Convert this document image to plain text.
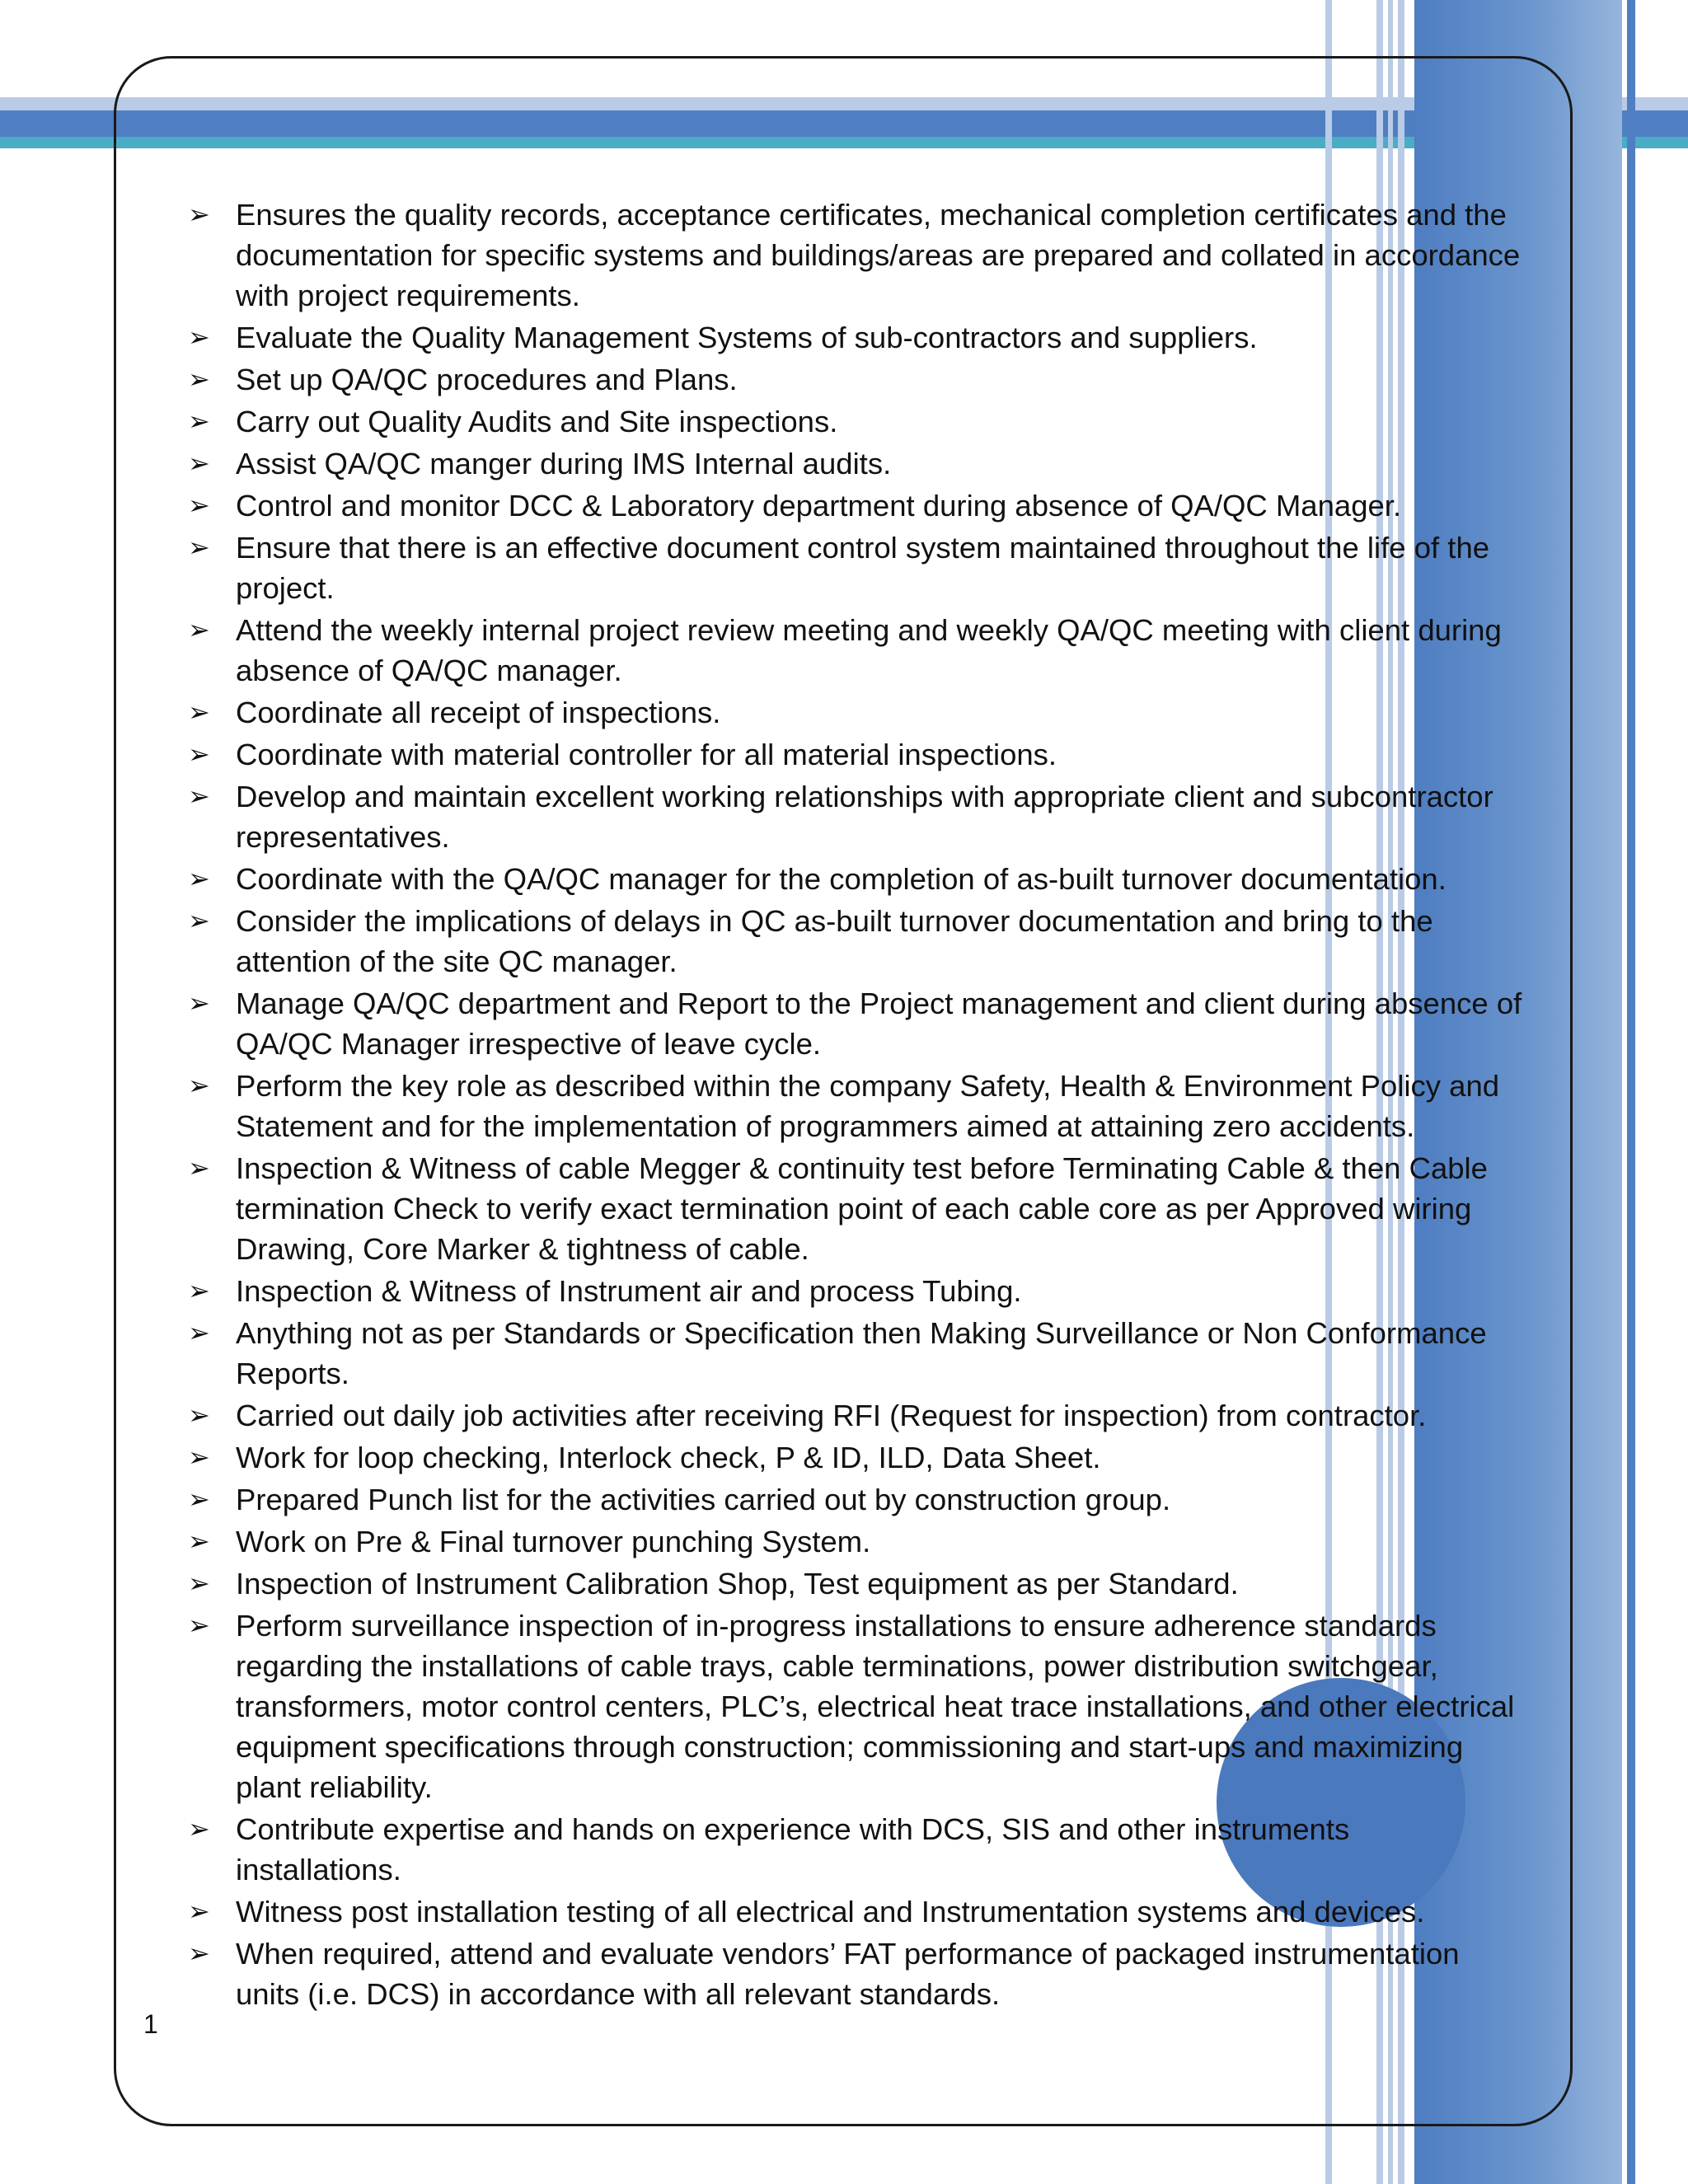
➢ Ensures the quality records, acceptance certificates, mechanical completion certificates and the documentation for specific systems and buildings/areas are prepared and collated in accordance with project requirements.
➢ Evaluate the Quality Management Systems of sub-contractors and suppliers.
➢ Set up QA/QC procedures and Plans.
➢ Carry out Quality Audits and Site inspections.
➢ Assist QA/QC manger during IMS Internal audits.
➢ Control and monitor DCC & Laboratory department during absence of QA/QC Manager.
➢ Ensure that there is an effective document control system maintained throughout the life of the project.
➢ Attend the weekly internal project review meeting and weekly QA/QC meeting with client during absence of QA/QC manager.
➢ Coordinate all receipt of inspections.
➢ Coordinate with material controller for all material inspections.
➢ Develop and maintain excellent working relationships with appropriate client and subcontractor representatives.
➢ Coordinate with the QA/QC manager for the completion of as-built turnover documentation.
➢ Consider the implications of delays in QC as-built turnover documentation and bring to the attention of the site QC manager.
➢ Manage QA/QC department and Report to the Project management and client during absence of QA/QC Manager irrespective of leave cycle.
➢ Perform the key role as described within the company Safety, Health & Environment Policy and Statement and for the implementation of programmers aimed at attaining zero accidents.
➢ Inspection & Witness of cable Megger & continuity test before Terminating Cable & then Cable termination Check to verify exact termination point of each cable core as per Approved wiring Drawing, Core Marker & tightness of cable.
➢ Inspection & Witness of Instrument air and process Tubing.
➢ Anything not as per Standards or Specification then Making Surveillance or Non Conformance Reports.
➢ Carried out daily job activities after receiving RFI (Request for inspection) from contractor.
➢ Work for loop checking, Interlock check, P & ID, ILD, Data Sheet.
➢ Prepared Punch list for the activities carried out by construction group.
➢ Work on Pre & Final turnover punching System.
➢ Inspection of Instrument Calibration Shop, Test equipment as per Standard.
➢ Perform surveillance inspection of in-progress installations to ensure adherence standards regarding the installations of cable trays, cable terminations, power distribution switchgear, transformers, motor control centers, PLC’s, electrical heat trace installations, and other electrical equipment specifications through construction; commissioning and start-ups and maximizing plant reliability.
➢ Contribute expertise and hands on experience with DCS, SIS and other instruments installations.
➢ Witness post installation testing of all electrical and Instrumentation systems and devices.
➢ When required, attend and evaluate vendors’ FAT performance of packaged instrumentation units (i.e. DCS) in accordance with all relevant standards.
1
